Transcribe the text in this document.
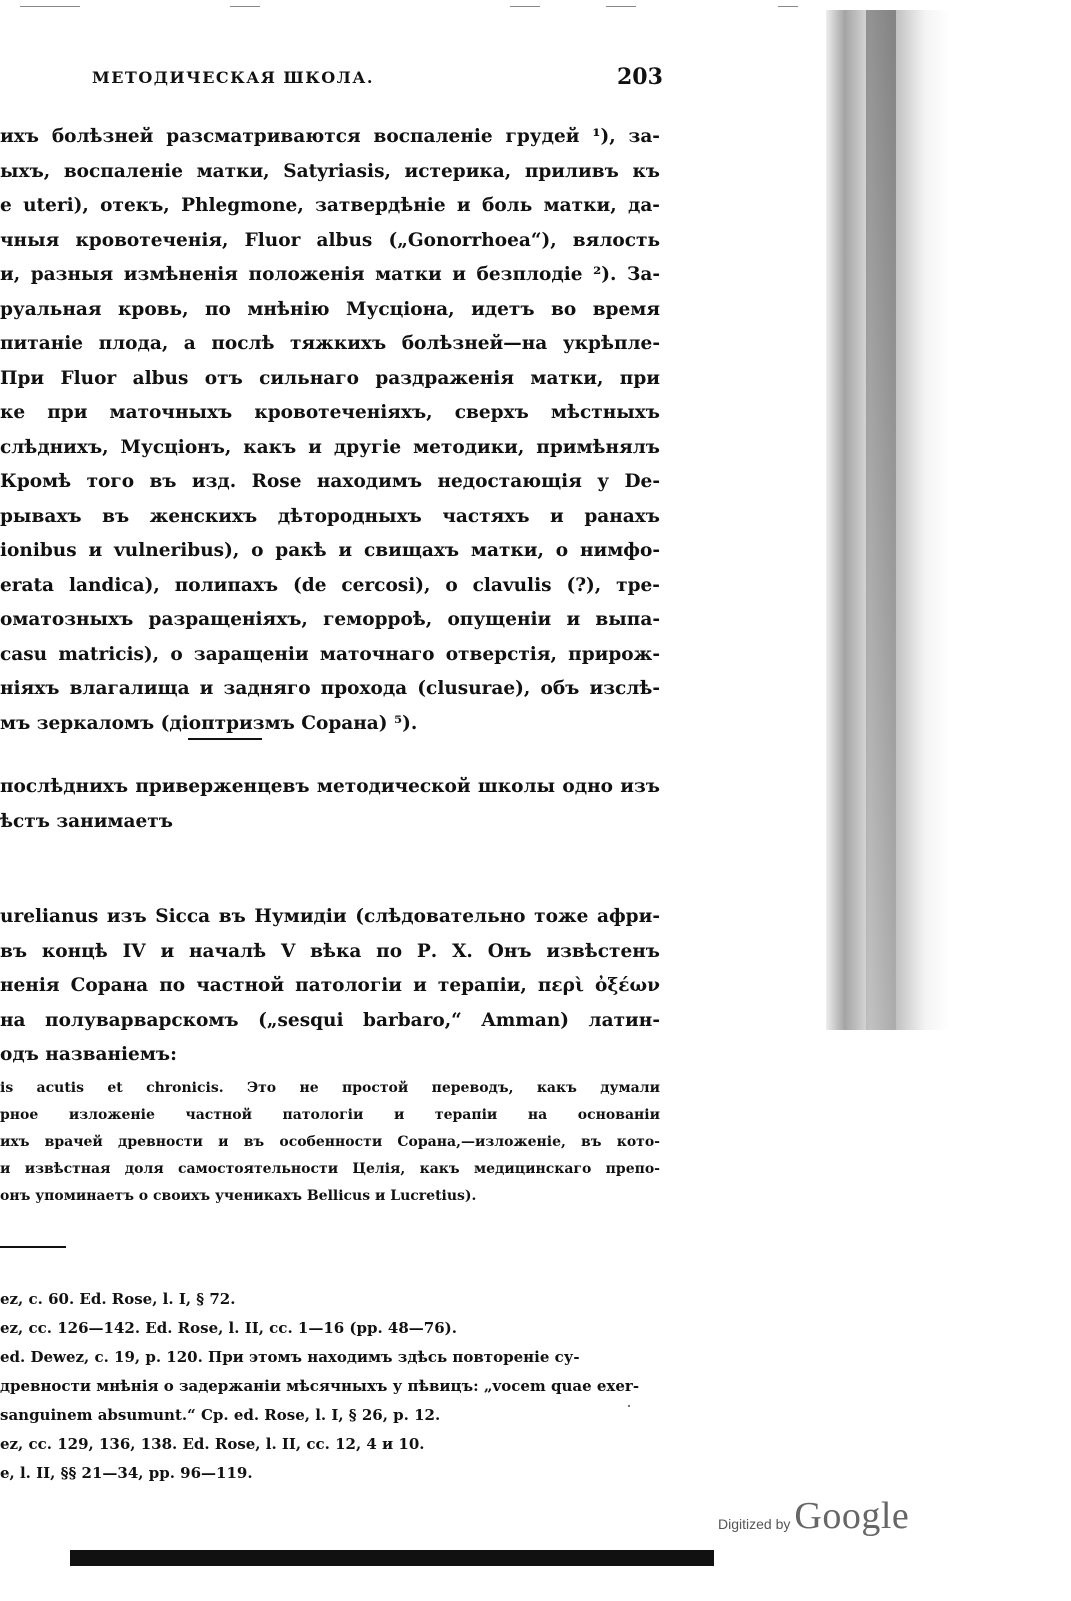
МЕТОДИЧЕСКАЯ ШКОЛА.	203
ихъ болѣзней разсматриваются воспаленіе грудей ¹), за-
ыхъ, воспаленіе матки, Satyriasis, истерика, приливъ къ
e uteri), отекъ, Phlegmone, затвердѣніе и боль матки, да-
чныя кровотеченія, Fluor albus („Gonorrhoea“), вялость
и, разныя измѣненія положенія матки и безплодіе ²). За-
руальная кровь, по мнѣнію Мусціона, идетъ во время
питаніе плода, а послѣ тяжкихъ болѣзней—на укрѣпле-
При Fluor albus отъ сильнаго раздраженія матки, при
ке при маточныхъ кровотеченіяхъ, сверхъ мѣстныхъ
слѣднихъ, Мусціонъ, какъ и другіе методики, примѣнялъ
Кромѣ того въ изд. Rose находимъ недостающія у De-
рывахъ въ женскихъ дѣтородныхъ частяхъ и ранахъ
ionibus и vulneribus), о ракѣ и свищахъ матки, о нимфо-
erata landica), полипахъ (de cercosi), о clavulis (?), тре-
оматозныхъ разращеніяхъ, геморроѣ, опущеніи и выпа-
casu matricis), о заращеніи маточнаго отверстія, прирож-
ніяхъ влагалища и задняго прохода (clusurae), объ изслѣ-
мъ зеркаломъ (діоптризмъ Сорана) ⁵).
послѣднихъ приверженцевъ методической школы одно изъ
ѣстъ занимаетъ
urelianus изъ Sicca въ Нумидіи (слѣдовательно тоже афри-
въ концѣ IV и началѣ V вѣка по Р. Х. Онъ извѣстенъ
ненія Сорана по частной патологіи и терапіи, περὶ ὀξέων
на полуварварскомъ („sesqui barbaro,“ Amman) латин-
одъ названіемъ:
is acutis et chronicis. Это не простой переводъ, какъ думали
рное изложеніе частной патологіи и терапіи на основаніи
ихъ врачей древности и въ особенности Сорана,—изложеніе, въ кото-
и извѣстная доля самостоятельности Целія, какъ медицинскаго препо-
онъ упоминаетъ о своихъ ученикахъ Bellicus и Lucretius).
ez, c. 60. Ed. Rose, l. I, § 72.
ez, cc. 126—142. Ed. Rose, l. II, cc. 1—16 (pp. 48—76).
ed. Dewez, c. 19, p. 120. При этомъ находимъ здѣсь повтореніе су-
древности мнѣнія о задержаніи мѣсячныхъ у пѣвицъ: „vocem quae exer-
sanguinem absumunt.“ Cp. ed. Rose, l. I, § 26, p. 12.
ez, cc. 129, 136, 138. Ed. Rose, l. II, cc. 12, 4 и 10.
e, l. II, §§ 21—34, pp. 96—119.
Digitized by Google
